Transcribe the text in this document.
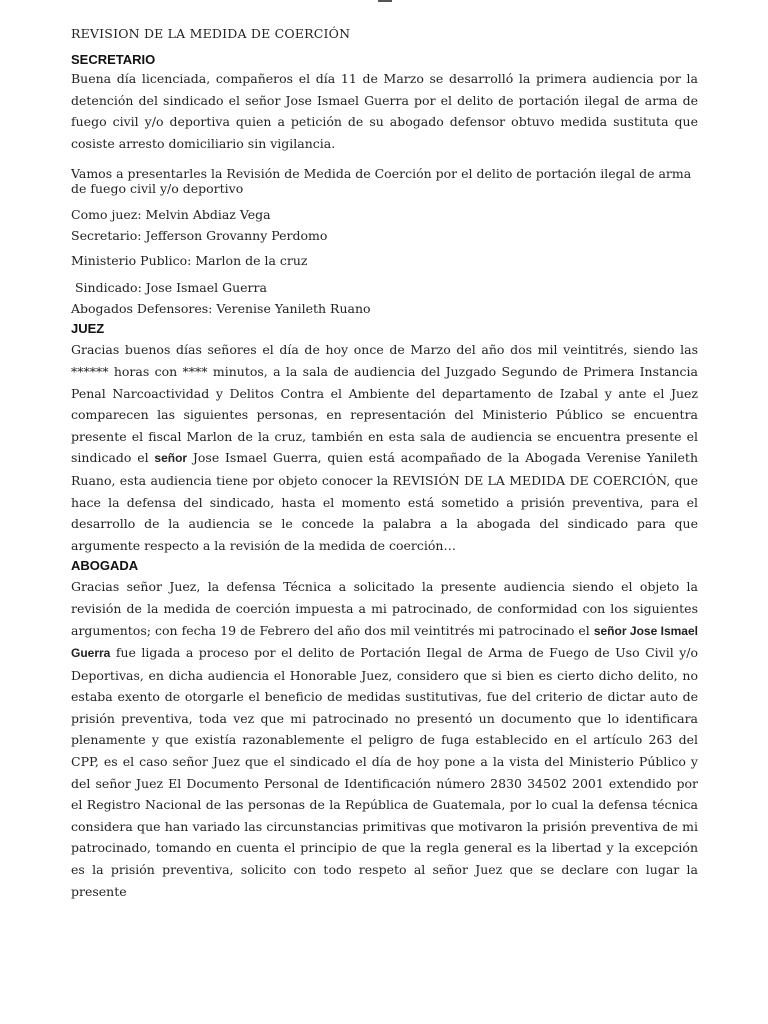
REVISION DE LA MEDIDA DE COERCIÓN
SECRETARIO

Buena día licenciada, compañeros el día 11 de Marzo se desarrolló la primera audiencia por la detención del sindicado el señor Jose Ismael Guerra por el delito de portación ilegal de arma de fuego civil y/o deportiva quien a petición de su abogado defensor obtuvo medida sustituta que cosiste arresto domiciliario sin vigilancia.

Vamos a presentarles la Revisión de Medida de Coerción por el delito de portación ilegal de arma de fuego civil y/o deportivo

Como juez: Melvin Abdiaz Vega

Secretario: Jefferson Grovanny Perdomo

Ministerio Publico: Marlon de la cruz

Sindicado: Jose Ismael Guerra

Abogados Defensores: Verenise Yanileth Ruano

JUEZ

Gracias buenos días señores el día de hoy once de Marzo del año dos mil veintitrés, siendo las ****** horas con **** minutos, a la sala de audiencia del Juzgado Segundo de Primera Instancia Penal Narcoactividad y Delitos Contra el Ambiente del departamento de Izabal y ante el Juez comparecen las siguientes personas, en representación del Ministerio Público se encuentra presente el fiscal Marlon de la cruz, también en esta sala de audiencia se encuentra presente el sindicado el señor Jose Ismael Guerra, quien está acompañado de la Abogada Verenise Yanileth Ruano, esta audiencia tiene por objeto conocer la REVISIÓN DE LA MEDIDA DE COERCIÓN, que hace la defensa del sindicado, hasta el momento está sometido a prisión preventiva, para el desarrollo de la audiencia se le concede la palabra a la abogada del sindicado para que argumente respecto a la revisión de la medida de coerción…

ABOGADA

Gracias señor Juez, la defensa Técnica a solicitado la presente audiencia siendo el objeto la revisión de la medida de coerción impuesta a mi patrocinado, de conformidad con los siguientes argumentos; con fecha 19 de Febrero del año dos mil veintitrés mi patrocinado el señor Jose Ismael Guerra fue ligada a proceso por el delito de Portación Ilegal de Arma de Fuego de Uso Civil y/o Deportivas, en dicha audiencia el Honorable Juez, considero que si bien es cierto dicho delito, no estaba exento de otorgarle el beneficio de medidas sustitutivas, fue del criterio de dictar auto de prisión preventiva, toda vez que mi patrocinado no presentó un documento que lo identificara plenamente y que existía razonablemente el peligro de fuga establecido en el artículo 263 del CPP, es el caso señor Juez que el sindicado el día de hoy pone a la vista del Ministerio Público y del señor Juez El Documento Personal de Identificación número 2830 34502 2001 extendido por el Registro Nacional de las personas de la República de Guatemala, por lo cual la defensa técnica considera que han variado las circunstancias primitivas que motivaron la prisión preventiva de mi patrocinado, tomando en cuenta el principio de que la regla general es la libertad y la excepción es la prisión preventiva, solicito con todo respeto al señor Juez que se declare con lugar la presente
